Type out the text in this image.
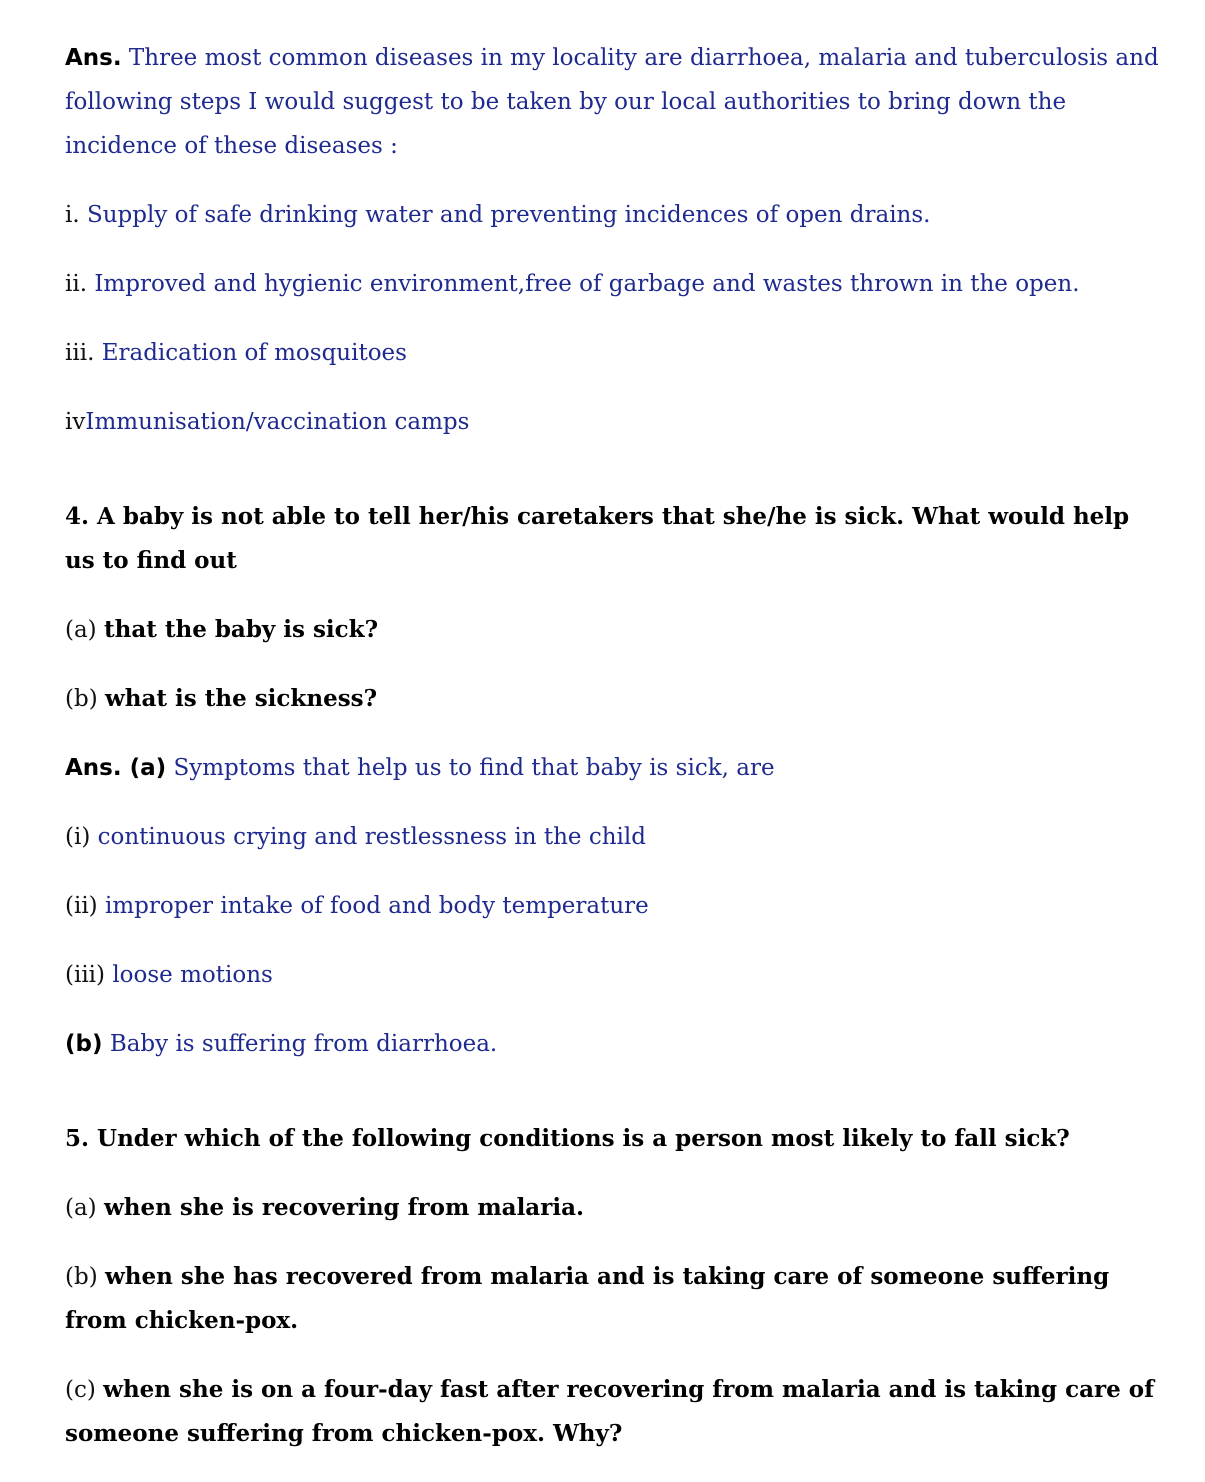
Ans. Three most common diseases in my locality are diarrhoea, malaria and tuberculosis and following steps I would suggest to be taken by our local authorities to bring down the incidence of these diseases :

i. Supply of safe drinking water and preventing incidences of open drains.

ii. Improved and hygienic environment,free of garbage and wastes thrown in the open.

iii. Eradication of mosquitoes

ivImmunisation/vaccination camps

4. A baby is not able to tell her/his caretakers that she/he is sick. What would help us to find out

(a) that the baby is sick?

(b) what is the sickness?

Ans. (a) Symptoms that help us to find that baby is sick, are

(i) continuous crying and restlessness in the child

(ii) improper intake of food and body temperature

(iii) loose motions

(b) Baby is suffering from diarrhoea.

5. Under which of the following conditions is a person most likely to fall sick?

(a) when she is recovering from malaria.

(b) when she has recovered from malaria and is taking care of someone suffering from chicken-pox.

(c) when she is on a four-day fast after recovering from malaria and is taking care of someone suffering from chicken-pox. Why?
